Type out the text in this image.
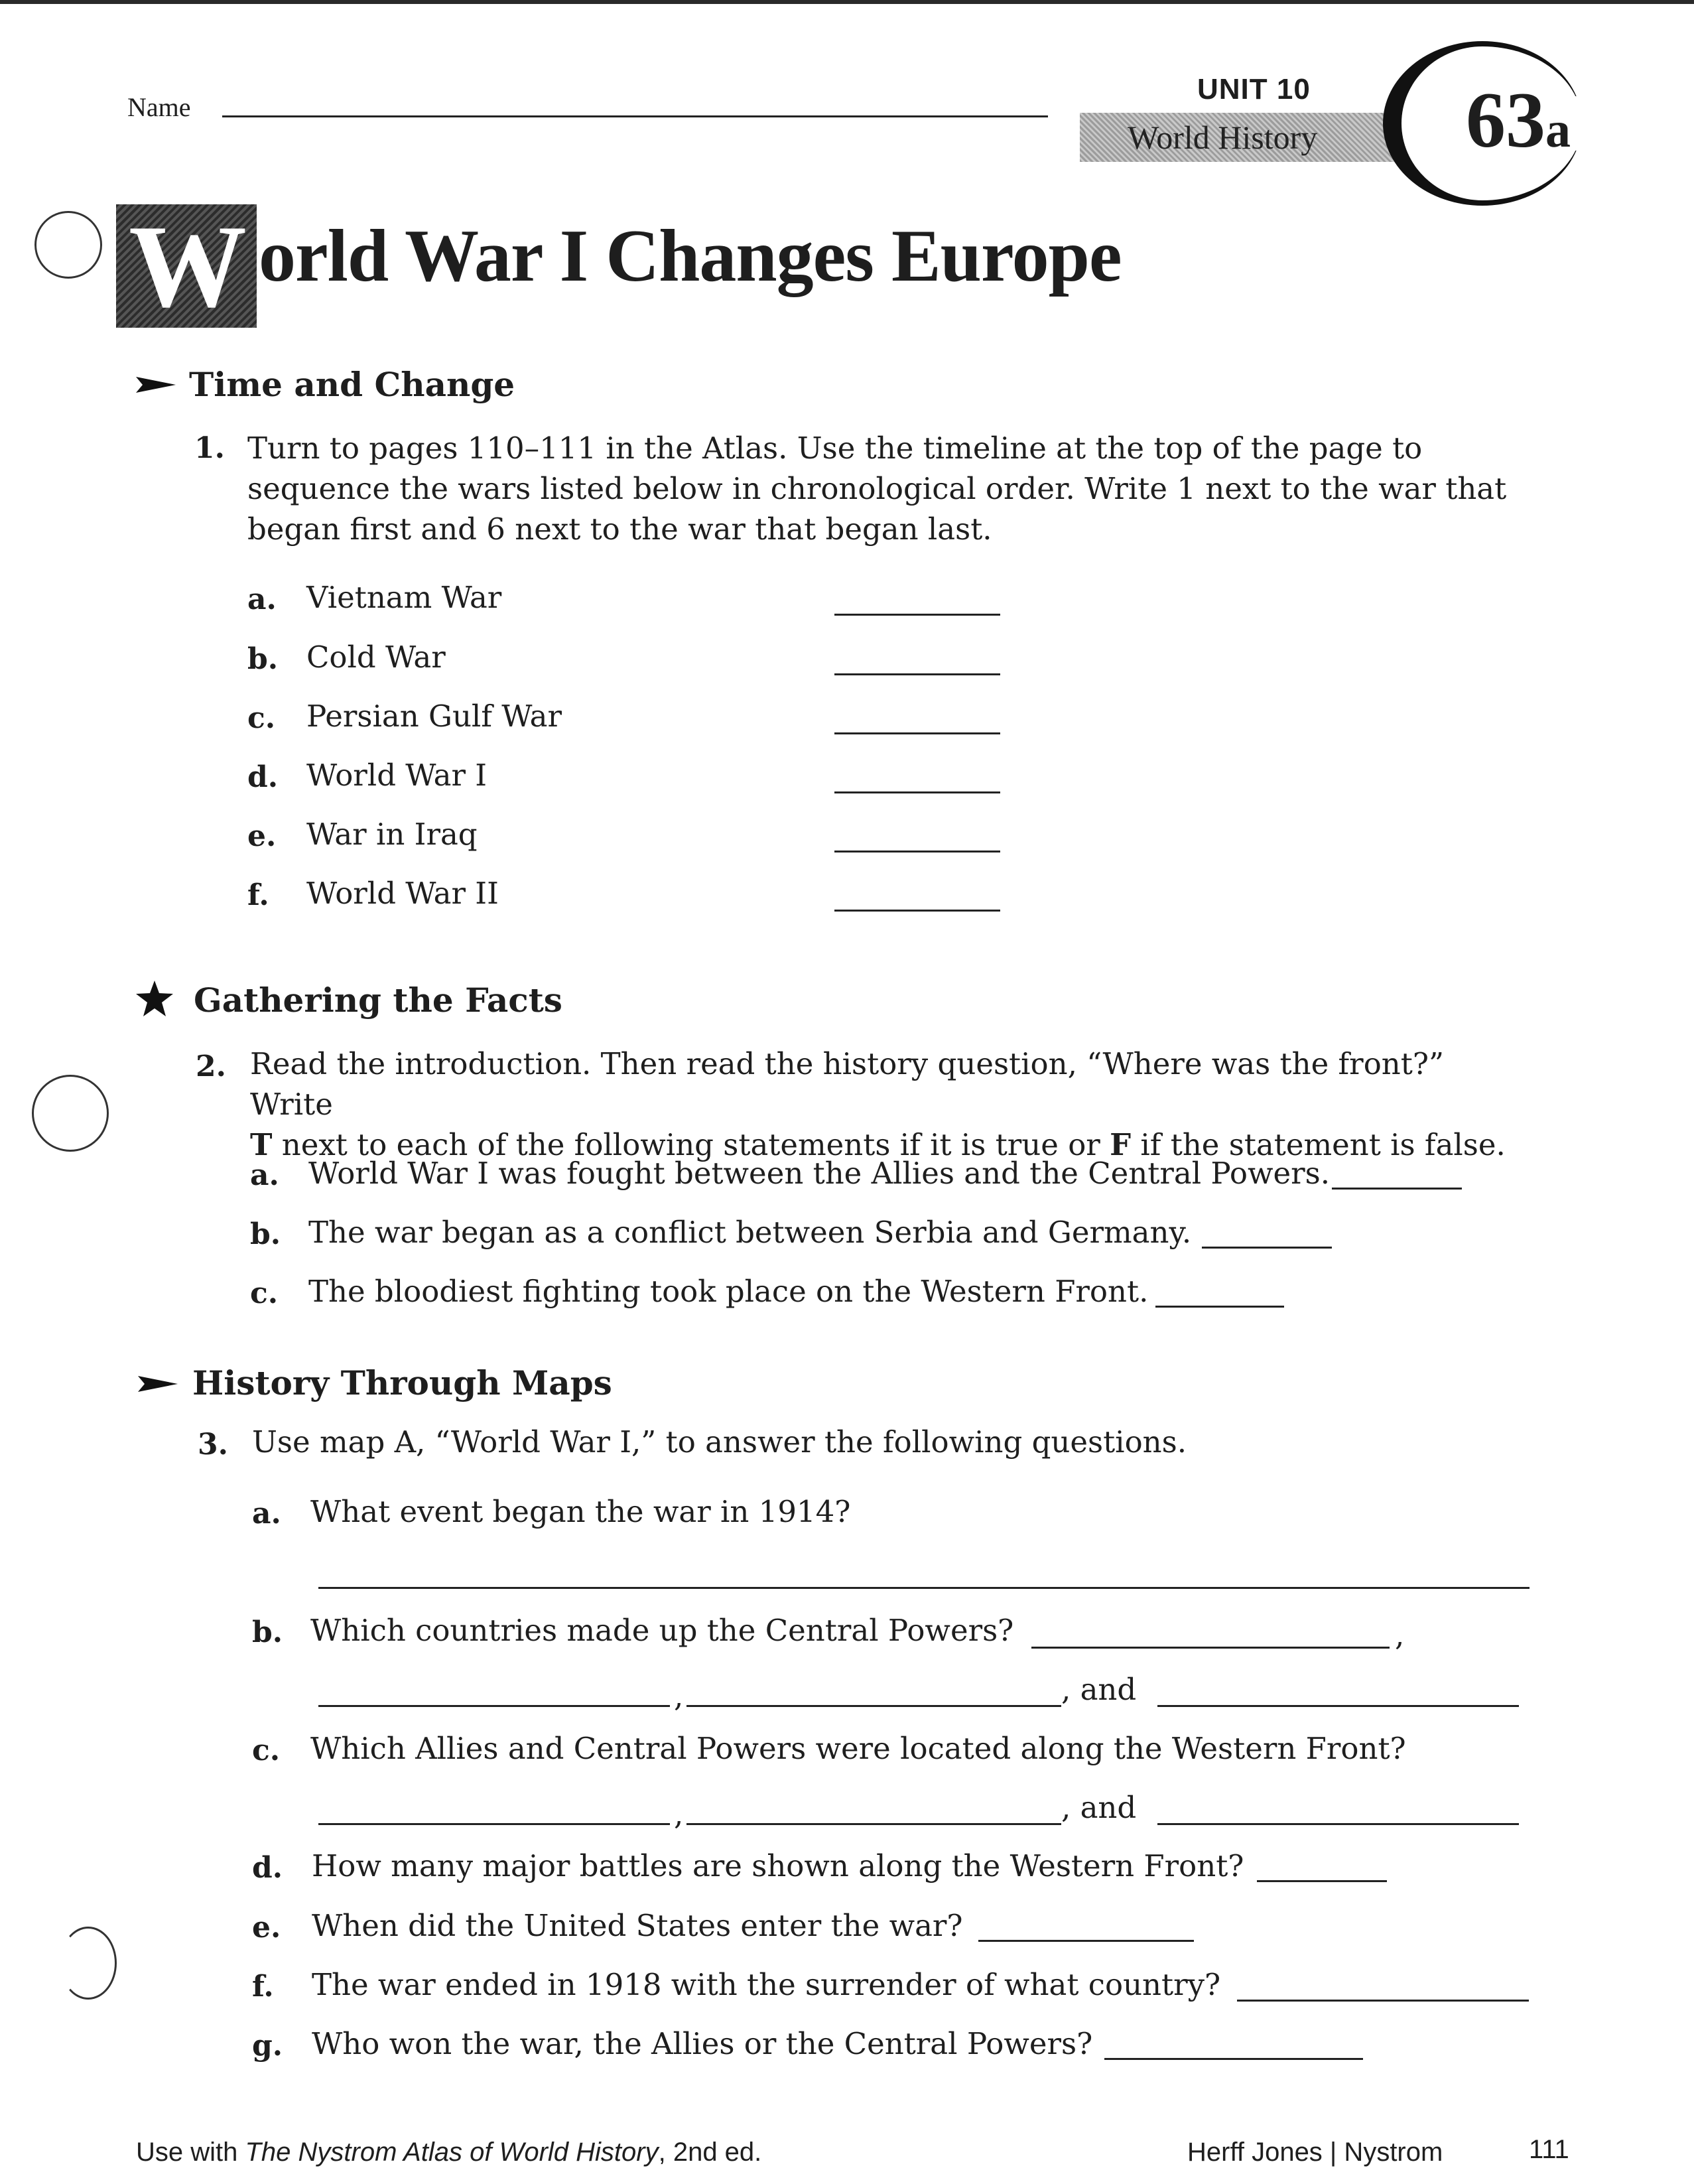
Name
UNIT 10
World History 63a
W orld War I Changes Europe
Time and Change
1. Turn to pages 110–111 in the Atlas. Use the timeline at the top of the page to sequence the wars listed below in chronological order. Write 1 next to the war that began first and 6 next to the war that began last.
a. Vietnam War
b. Cold War
c. Persian Gulf War
d. World War I
e. War in Iraq
f. World War II
Gathering the Facts
2. Read the introduction. Then read the history question, “Where was the front?” Write
T next to each of the following statements if it is true or F if the statement is false.
a. World War I was fought between the Allies and the Central Powers.
b. The war began as a conflict between Serbia and Germany.
c. The bloodiest fighting took place on the Western Front.
History Through Maps
3. Use map A, “World War I,” to answer the following questions.
a. What event began the war in 1914?
b. Which countries made up the Central Powers?	,
,	, and
c. Which Allies and Central Powers were located along the Western Front?
,	, and
d. How many major battles are shown along the Western Front?
e. When did the United States enter the war?
f. The war ended in 1918 with the surrender of what country?
g. Who won the war, the Allies or the Central Powers?
Use with The Nystrom Atlas of World History, 2nd ed.	Herff Jones | Nystrom	111
